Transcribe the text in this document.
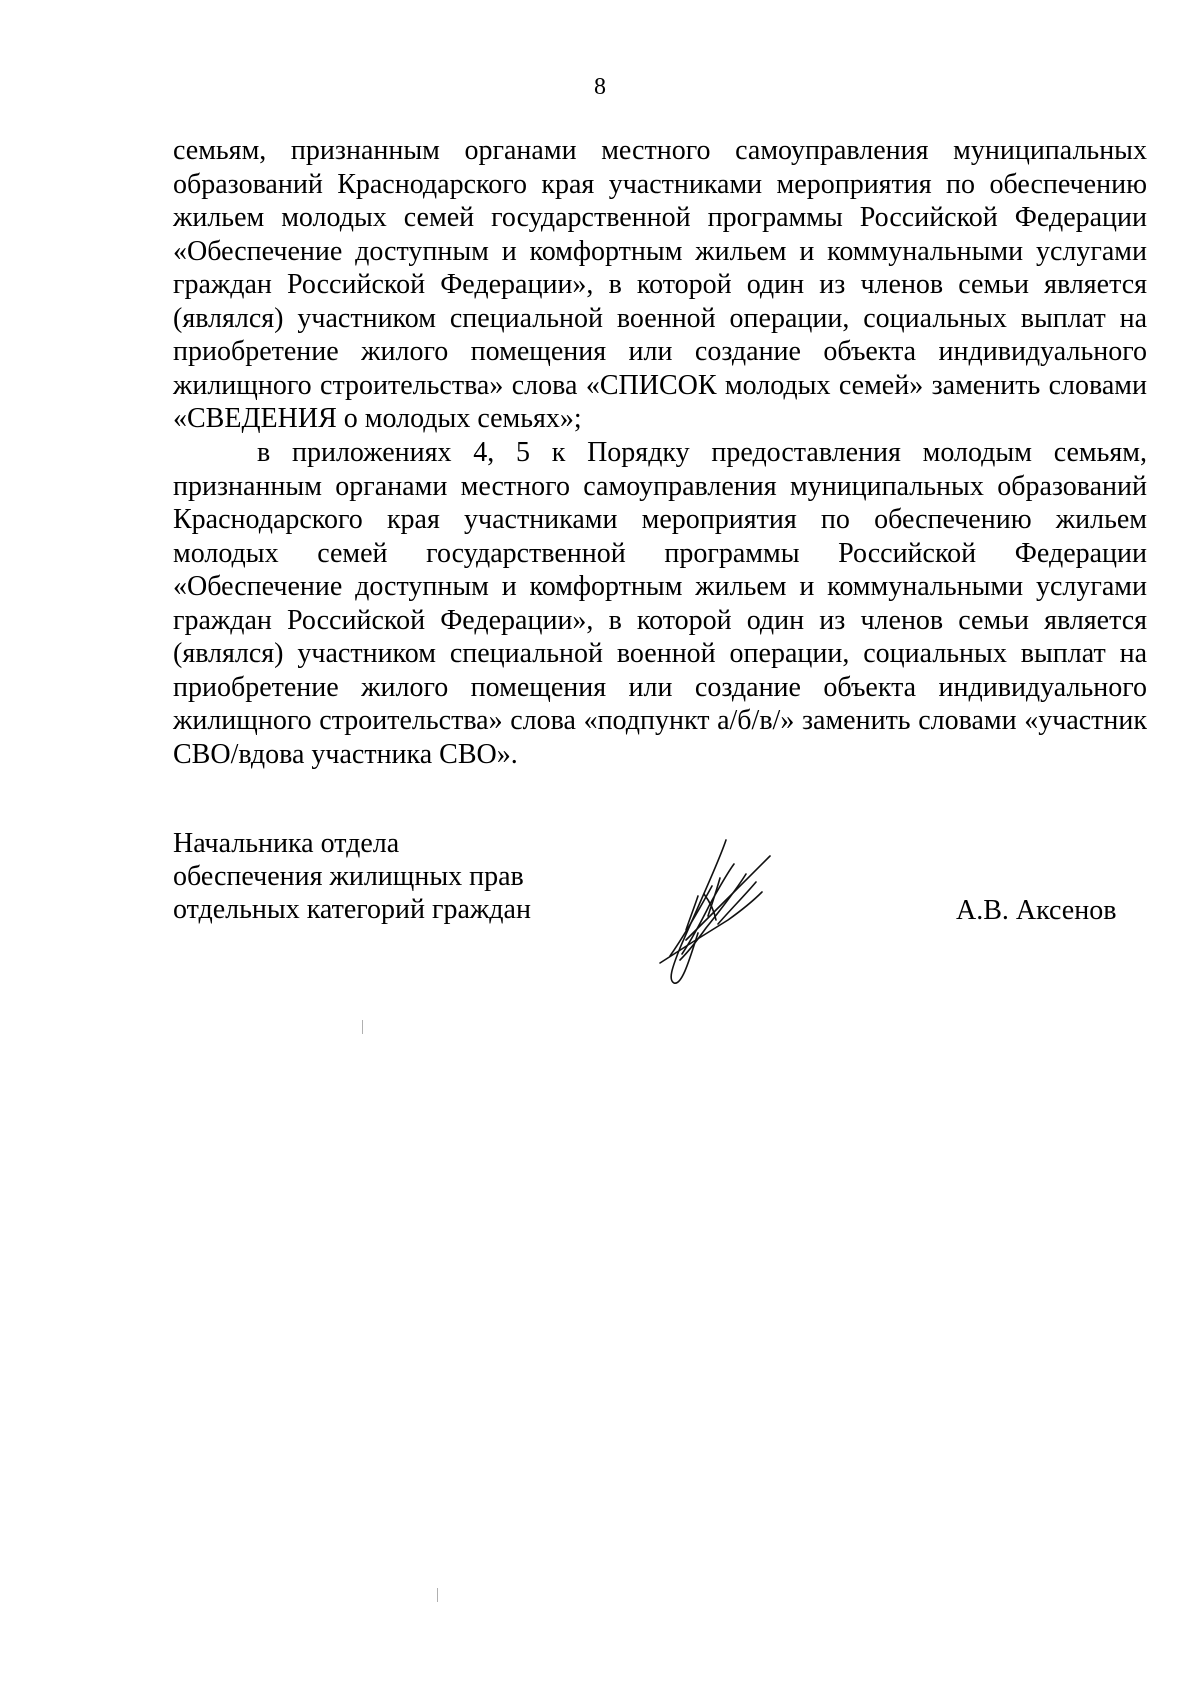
8
семьям, признанным органами местного самоуправления муниципальных
образований Краснодарского края участниками мероприятия по обеспечению
жильем молодых семей государственной программы Российской Федерации
«Обеспечение доступным и комфортным жильем и коммунальными услугами
граждан Российской Федерации», в которой один из членов семьи является
(являлся) участником специальной военной операции, социальных выплат на
приобретение жилого помещения или создание объекта индивидуального
жилищного строительства» слова «СПИСОК молодых семей» заменить словами
«СВЕДЕНИЯ о молодых семьях»;
в приложениях 4, 5 к Порядку предоставления молодым семьям,
признанным органами местного самоуправления муниципальных образований
Краснодарского края участниками мероприятия по обеспечению жильем
молодых семей государственной программы Российской Федерации
«Обеспечение доступным и комфортным жильем и коммунальными услугами
граждан Российской Федерации», в которой один из членов семьи является
(являлся) участником специальной военной операции, социальных выплат на
приобретение жилого помещения или создание объекта индивидуального
жилищного строительства» слова «подпункт а/б/в/» заменить словами «участник
СВО/вдова участника СВО».
Начальника отдела
обеспечения жилищных прав
отдельных категорий граждан	А.В. Аксенов
